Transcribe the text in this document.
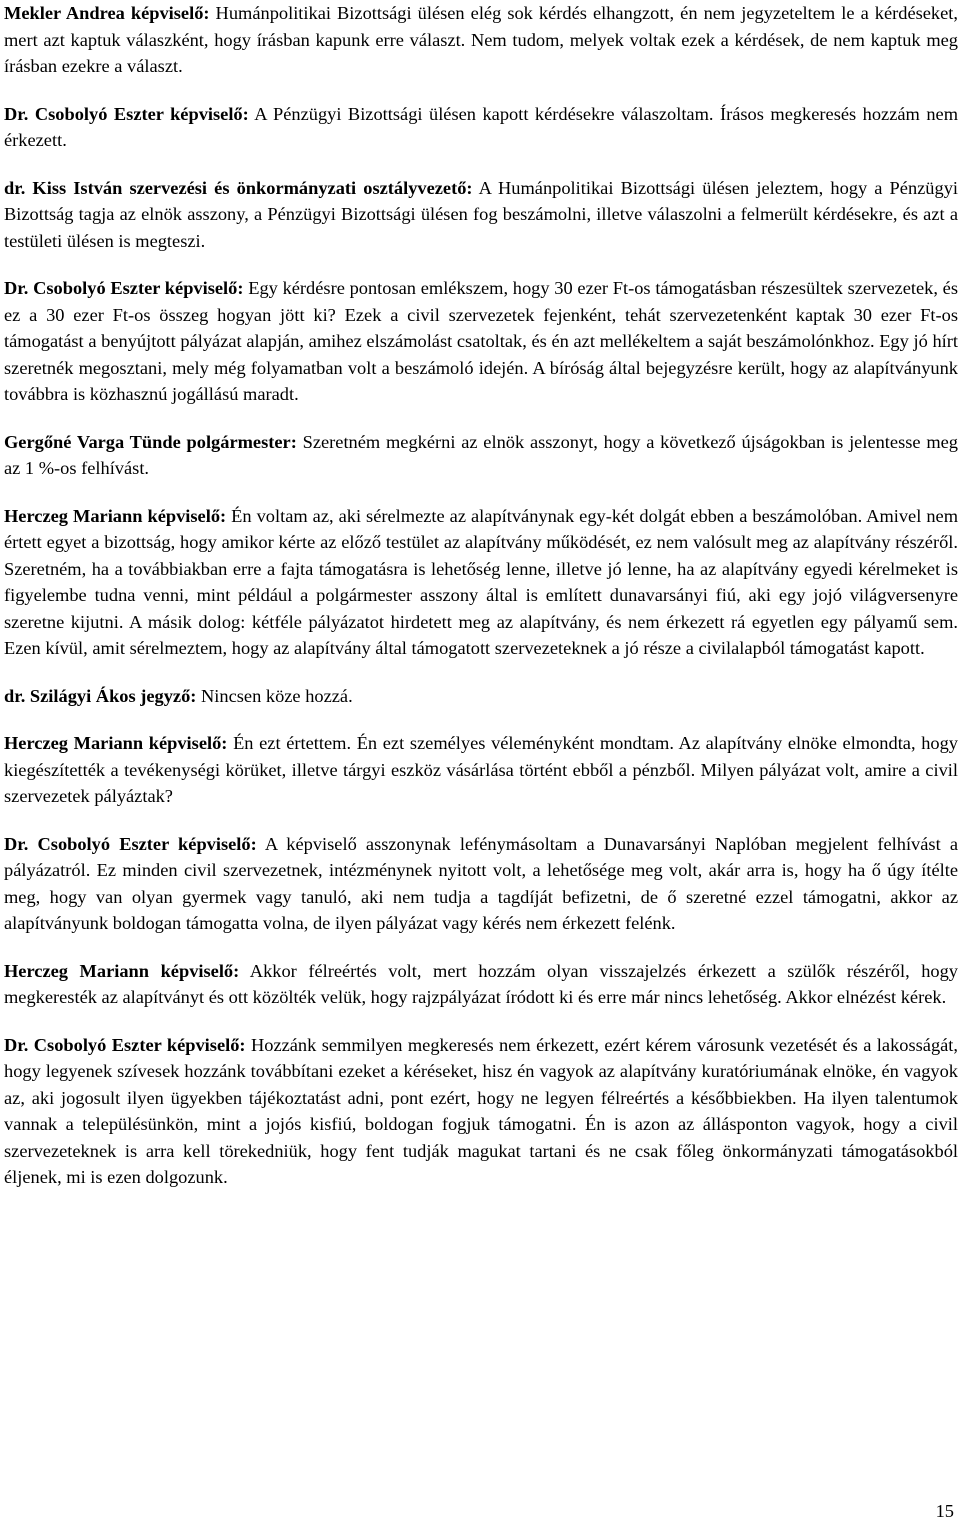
Mekler Andrea képviselő: Humánpolitikai Bizottsági ülésen elég sok kérdés elhangzott, én nem jegyzeteltem le a kérdéseket, mert azt kaptuk válaszként, hogy írásban kapunk erre választ. Nem tudom, melyek voltak ezek a kérdések, de nem kaptuk meg írásban ezekre a választ.

Dr. Csobolyó Eszter képviselő: A Pénzügyi Bizottsági ülésen kapott kérdésekre válaszoltam. Írásos megkeresés hozzám nem érkezett.

dr. Kiss István szervezési és önkormányzati osztályvezető: A Humánpolitikai Bizottsági ülésen jeleztem, hogy a Pénzügyi Bizottság tagja az elnök asszony, a Pénzügyi Bizottsági ülésen fog beszámolni, illetve válaszolni a felmerült kérdésekre, és azt a testületi ülésen is megteszi.

Dr. Csobolyó Eszter képviselő: Egy kérdésre pontosan emlékszem, hogy 30 ezer Ft-os támogatásban részesültek szervezetek, és ez a 30 ezer Ft-os összeg hogyan jött ki? Ezek a civil szervezetek fejenként, tehát szervezetenként kaptak 30 ezer Ft-os támogatást a benyújtott pályázat alapján, amihez elszámolást csatoltak, és én azt mellékeltem a saját beszámolónkhoz. Egy jó hírt szeretnék megosztani, mely még folyamatban volt a beszámoló idején. A bíróság által bejegyzésre került, hogy az alapítványunk továbbra is közhasznú jogállású maradt.

Gergőné Varga Tünde polgármester: Szeretném megkérni az elnök asszonyt, hogy a következő újságokban is jelentesse meg az 1 %-os felhívást.

Herczeg Mariann képviselő: Én voltam az, aki sérelmezte az alapítványnak egy-két dolgát ebben a beszámolóban. Amivel nem értett egyet a bizottság, hogy amikor kérte az előző testület az alapítvány működését, ez nem valósult meg az alapítvány részéről. Szeretném, ha a továbbiakban erre a fajta támogatásra is lehetőség lenne, illetve jó lenne, ha az alapítvány egyedi kérelmeket is figyelembe tudna venni, mint például a polgármester asszony által is említett dunavarsányi fiú, aki egy jojó világversenyre szeretne kijutni. A másik dolog: kétféle pályázatot hirdetett meg az alapítvány, és nem érkezett rá egyetlen egy pályamű sem. Ezen kívül, amit sérelmeztem, hogy az alapítvány által támogatott szervezeteknek a jó része a civilalapból támogatást kapott.

dr. Szilágyi Ákos jegyző: Nincsen köze hozzá.

Herczeg Mariann képviselő: Én ezt értettem. Én ezt személyes véleményként mondtam. Az alapítvány elnöke elmondta, hogy kiegészítették a tevékenységi körüket, illetve tárgyi eszköz vásárlása történt ebből a pénzből. Milyen pályázat volt, amire a civil szervezetek pályáztak?

Dr. Csobolyó Eszter képviselő: A képviselő asszonynak lefénymásoltam a Dunavarsányi Naplóban megjelent felhívást a pályázatról. Ez minden civil szervezetnek, intézménynek nyitott volt, a lehetősége meg volt, akár arra is, hogy ha ő úgy ítélte meg, hogy van olyan gyermek vagy tanuló, aki nem tudja a tagdíját befizetni, de ő szeretné ezzel támogatni, akkor az alapítványunk boldogan támogatta volna, de ilyen pályázat vagy kérés nem érkezett felénk.

Herczeg Mariann képviselő: Akkor félreértés volt, mert hozzám olyan visszajelzés érkezett a szülők részéről, hogy megkeresték az alapítványt és ott közölték velük, hogy rajzpályázat íródott ki és erre már nincs lehetőség. Akkor elnézést kérek.

Dr. Csobolyó Eszter képviselő: Hozzánk semmilyen megkeresés nem érkezett, ezért kérem városunk vezetését és a lakosságát, hogy legyenek szívesek hozzánk továbbítani ezeket a kéréseket, hisz én vagyok az alapítvány kuratóriumának elnöke, én vagyok az, aki jogosult ilyen ügyekben tájékoztatást adni, pont ezért, hogy ne legyen félreértés a későbbiekben. Ha ilyen talentumok vannak a településünkön, mint a jojós kisfiú, boldogan fogjuk támogatni. Én is azon az állásponton vagyok, hogy a civil szervezeteknek is arra kell törekedniük, hogy fent tudják magukat tartani és ne csak főleg önkormányzati támogatásokból éljenek, mi is ezen dolgozunk.

15
